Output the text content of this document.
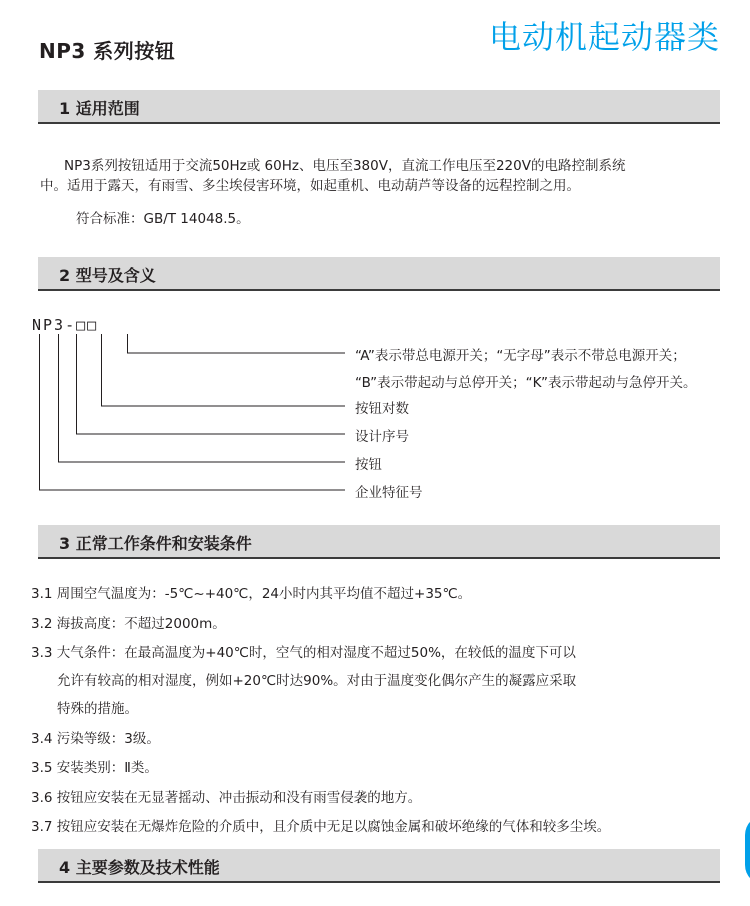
NP3 系列按钮	电动机起动器类
1 适用范围
NP3系列按钮适用于交流50Hz或 60Hz、电压至380V，直流工作电压至220V的电路控制系统
中。适用于露天，有雨雪、多尘埃侵害环境，如起重机、电动葫芦等设备的远程控制之用。
符合标准：GB/T 14048.5。
2 型号及含义
NP3-□□
“A”表示带总电源开关；“无字母”表示不带总电源开关；
“B”表示带起动与总停开关；“K”表示带起动与急停开关。
按钮对数
设计序号
按钮
企业特征号
3 正常工作条件和安装条件
3.1 周围空气温度为：-5℃~+40℃，24小时内其平均值不超过+35℃。
3.2 海拔高度：不超过2000m。
3.3 大气条件：在最高温度为+40℃时，空气的相对湿度不超过50%，在较低的温度下可以
允许有较高的相对湿度，例如+20℃时达90%。对由于温度变化偶尔产生的凝露应采取
特殊的措施。
3.4 污染等级：3级。
3.5 安装类别：Ⅱ类。
3.6 按钮应安装在无显著摇动、冲击振动和没有雨雪侵袭的地方。
3.7 按钮应安装在无爆炸危险的介质中，且介质中无足以腐蚀金属和破坏绝缘的气体和较多尘埃。
4 主要参数及技术性能
